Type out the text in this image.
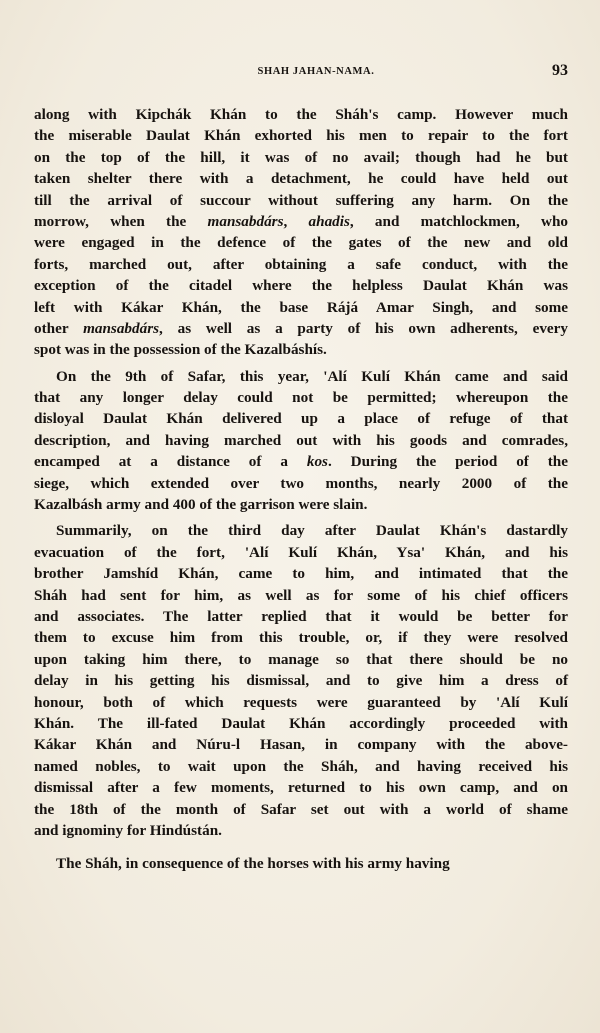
SHAH JAHAN-NAMA.	93
along with Kipchák Khán to the Sháh's camp. However much
the miserable Daulat Khán exhorted his men to repair to the fort
on the top of the hill, it was of no avail; though had he but
taken shelter there with a detachment, he could have held out
till the arrival of succour without suffering any harm. On the
morrow, when the mansabdárs, ahadis, and matchlockmen, who
were engaged in the defence of the gates of the new and old
forts, marched out, after obtaining a safe conduct, with the
exception of the citadel where the helpless Daulat Khán was
left with Kákar Khán, the base Rájá Amar Singh, and some
other mansabdárs, as well as a party of his own adherents, every
spot was in the possession of the Kazalbáshís.
On the 9th of Safar, this year, 'Alí Kulí Khán came and said
that any longer delay could not be permitted; whereupon the
disloyal Daulat Khán delivered up a place of refuge of that
description, and having marched out with his goods and comrades,
encamped at a distance of a kos. During the period of the
siege, which extended over two months, nearly 2000 of the
Kazalbásh army and 400 of the garrison were slain.
Summarily, on the third day after Daulat Khán's dastardly
evacuation of the fort, 'Alí Kulí Khán, Ysa' Khán, and his
brother Jamshíd Khán, came to him, and intimated that the
Sháh had sent for him, as well as for some of his chief officers
and associates. The latter replied that it would be better for
them to excuse him from this trouble, or, if they were resolved
upon taking him there, to manage so that there should be no
delay in his getting his dismissal, and to give him a dress of
honour, both of which requests were guaranteed by 'Alí Kulí
Khán. The ill-fated Daulat Khán accordingly proceeded with
Kákar Khán and Núru-l Hasan, in company with the above-
named nobles, to wait upon the Sháh, and having received his
dismissal after a few moments, returned to his own camp, and on
the 18th of the month of Safar set out with a world of shame
and ignominy for Hindústán.
The Sháh, in consequence of the horses with his army having
